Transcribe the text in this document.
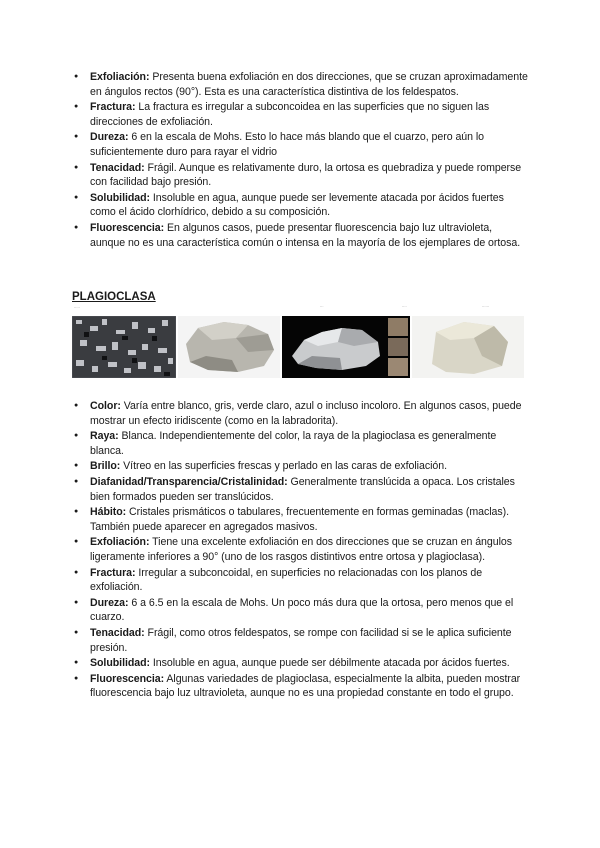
● Exfoliación: Presenta buena exfoliación en dos direcciones, que se cruzan aproximadamente en ángulos rectos (90°). Esta es una característica distintiva de los feldespatos.
● Fractura: La fractura es irregular a subconcoidea en las superficies que no siguen las direcciones de exfoliación.
● Dureza: 6 en la escala de Mohs. Esto lo hace más blando que el cuarzo, pero aún lo suficientemente duro para rayar el vidrio
● Tenacidad: Frágil. Aunque es relativamente duro, la ortosa es quebradiza y puede romperse con facilidad bajo presión.
● Solubilidad: Insoluble en agua, aunque puede ser levemente atacada por ácidos fuertes como el ácido clorhídrico, debido a su composición.
● Fluorescencia: En algunos casos, puede presentar fluorescencia bajo luz ultravioleta, aunque no es una característica común o intensa en la mayoría de los ejemplares de ortosa.
PLAGIOCLASA
·····	···	····	······
● Color: Varía entre blanco, gris, verde claro, azul o incluso incoloro. En algunos casos, puede mostrar un efecto iridiscente (como en la labradorita).
● Raya: Blanca. Independientemente del color, la raya de la plagioclasa es generalmente blanca.
● Brillo: Vítreo en las superficies frescas y perlado en las caras de exfoliación.
● Diafanidad/Transparencia/Cristalinidad: Generalmente translúcida a opaca. Los cristales bien formados pueden ser translúcidos.
● Hábito: Cristales prismáticos o tabulares, frecuentemente en formas geminadas (maclas). También puede aparecer en agregados masivos.
● Exfoliación: Tiene una excelente exfoliación en dos direcciones que se cruzan en ángulos ligeramente inferiores a 90° (uno de los rasgos distintivos entre ortosa y plagioclasa).
● Fractura: Irregular a subconcoidal, en superficies no relacionadas con los planos de exfoliación.
● Dureza: 6 a 6.5 en la escala de Mohs. Un poco más dura que la ortosa, pero menos que el cuarzo.
● Tenacidad: Frágil, como otros feldespatos, se rompe con facilidad si se le aplica suficiente presión.
● Solubilidad: Insoluble en agua, aunque puede ser débilmente atacada por ácidos fuertes.
● Fluorescencia: Algunas variedades de plagioclasa, especialmente la albita, pueden mostrar fluorescencia bajo luz ultravioleta, aunque no es una propiedad constante en todo el grupo.
